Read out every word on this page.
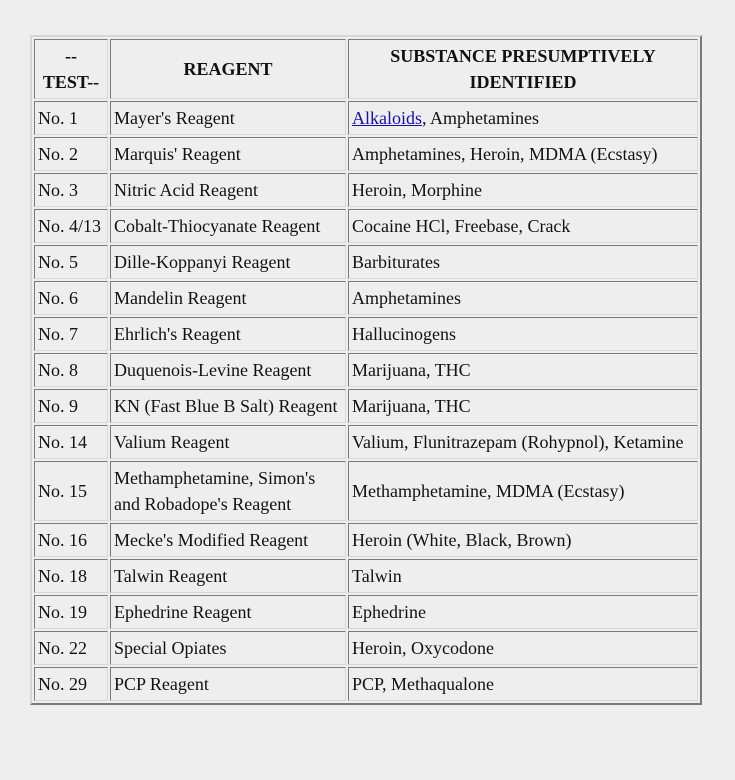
-- TEST--	REAGENT	SUBSTANCE PRESUMPTIVELY IDENTIFIED
No. 1	Mayer's Reagent	Alkaloids, Amphetamines
No. 2	Marquis' Reagent	Amphetamines, Heroin, MDMA (Ecstasy)
No. 3	Nitric Acid Reagent	Heroin, Morphine
No. 4/13	Cobalt-Thiocyanate Reagent	Cocaine HCl, Freebase, Crack
No. 5	Dille-Koppanyi Reagent	Barbiturates
No. 6	Mandelin Reagent	Amphetamines
No. 7	Ehrlich's Reagent	Hallucinogens
No. 8	Duquenois-Levine Reagent	Marijuana, THC
No. 9	KN (Fast Blue B Salt) Reagent	Marijuana, THC
No. 14	Valium Reagent	Valium, Flunitrazepam (Rohypnol), Ketamine
No. 15	Methamphetamine, Simon's and Robadope's Reagent	Methamphetamine, MDMA (Ecstasy)
No. 16	Mecke's Modified Reagent	Heroin (White, Black, Brown)
No. 18	Talwin Reagent	Talwin
No. 19	Ephedrine Reagent	Ephedrine
No. 22	Special Opiates	Heroin, Oxycodone
No. 29	PCP Reagent	PCP, Methaqualone
